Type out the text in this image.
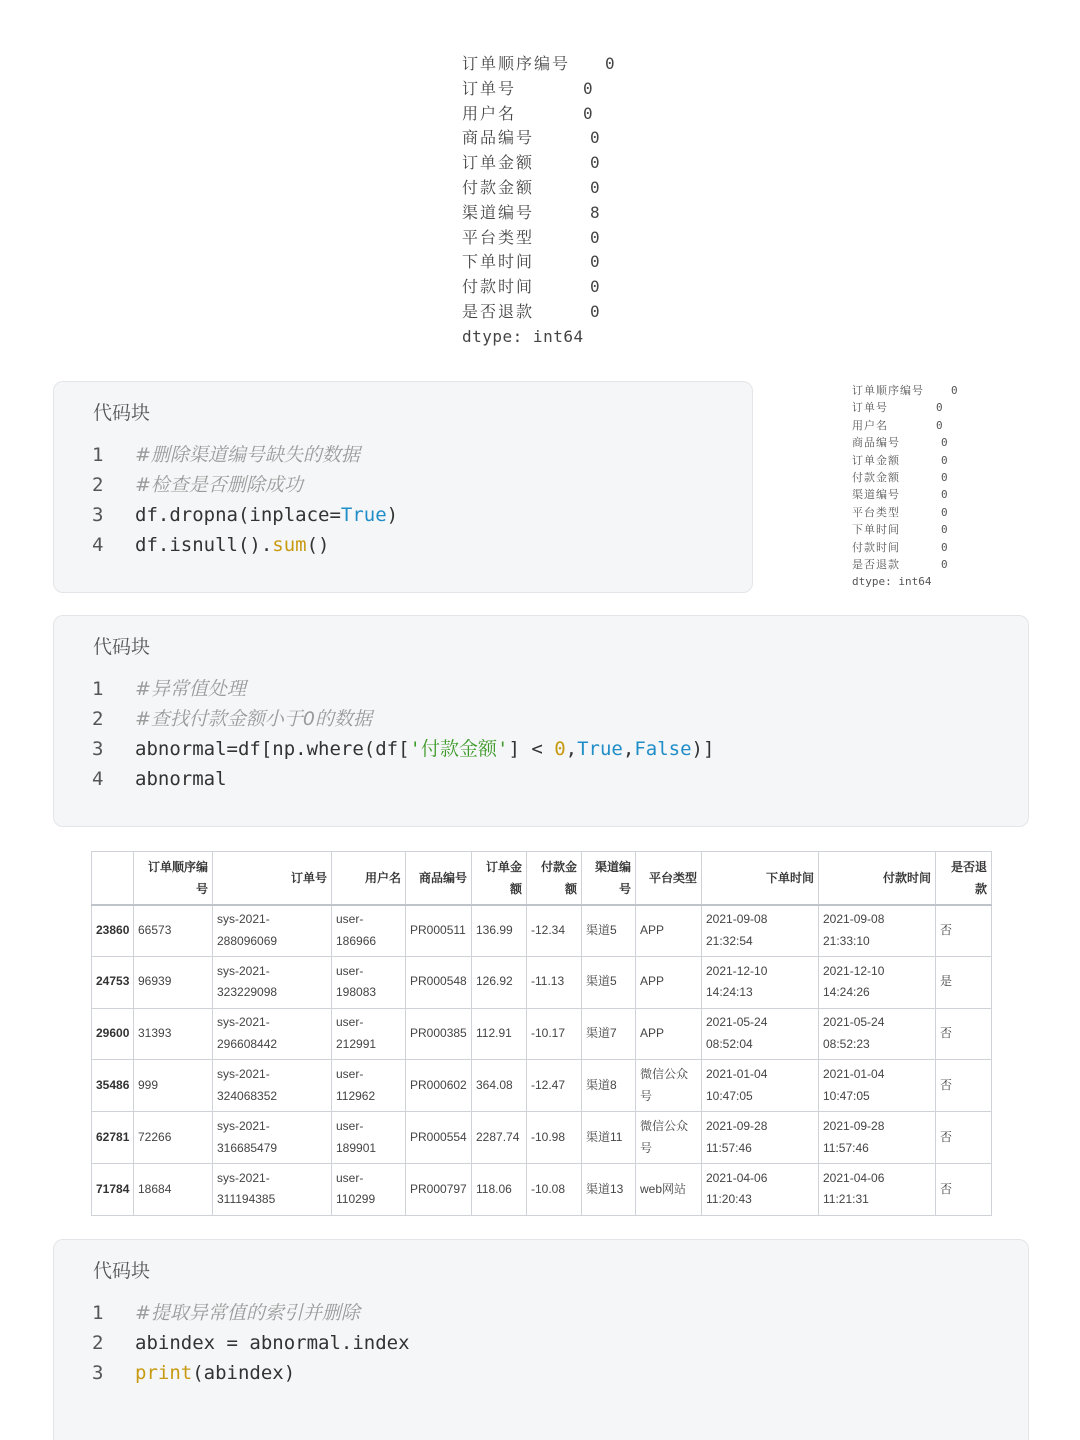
订单顺序编号 0
订单号	0
用户名	0
商品编号	0
订单金额	0
付款金额	0
渠道编号	8
平台类型	0
下单时间	0
付款时间	0
是否退款	0
dtype: int64
代码块
1 #删除渠道编号缺失的数据
2 #检查是否删除成功
3 df.dropna(inplace=True)
4 df.isnull().sum()
订单顺序编号 0
订单号	0
用户名	0
商品编号	0
订单金额	0
付款金额	0
渠道编号	0
平台类型	0
下单时间	0
付款时间	0
是否退款	0
dtype: int64
代码块
1 #异常值处理
2 #查找付款金额小于0的数据
3 abnormal=df[np.where(df['付款金额'] < 0,True,False)]
4 abnormal
	订单顺序编号	订单号	用户名	商品编号	订单金额	付款金额	渠道编号	平台类型	下单时间	付款时间	是否退款
23860	66573	sys-2021-288096069	user-186966	PR000511	136.99	-12.34	渠道5	APP	2021-09-08 21:32:54	2021-09-08 21:33:10	否
24753	96939	sys-2021-323229098	user-198083	PR000548	126.92	-11.13	渠道5	APP	2021-12-10 14:24:13	2021-12-10 14:24:26	是
29600	31393	sys-2021-296608442	user-212991	PR000385	112.91	-10.17	渠道7	APP	2021-05-24 08:52:04	2021-05-24 08:52:23	否
35486	999	sys-2021-324068352	user-112962	PR000602	364.08	-12.47	渠道8	微信公众号	2021-01-04 10:47:05	2021-01-04 10:47:05	否
62781	72266	sys-2021-316685479	user-189901	PR000554	2287.74	-10.98	渠道11	微信公众号	2021-09-28 11:57:46	2021-09-28 11:57:46	否
71784	18684	sys-2021-311194385	user-110299	PR000797	118.06	-10.08	渠道13	web网站	2021-04-06 11:20:43	2021-04-06 11:21:31	否
代码块
1 #提取异常值的索引并删除
2 abindex = abnormal.index
3 print(abindex)
